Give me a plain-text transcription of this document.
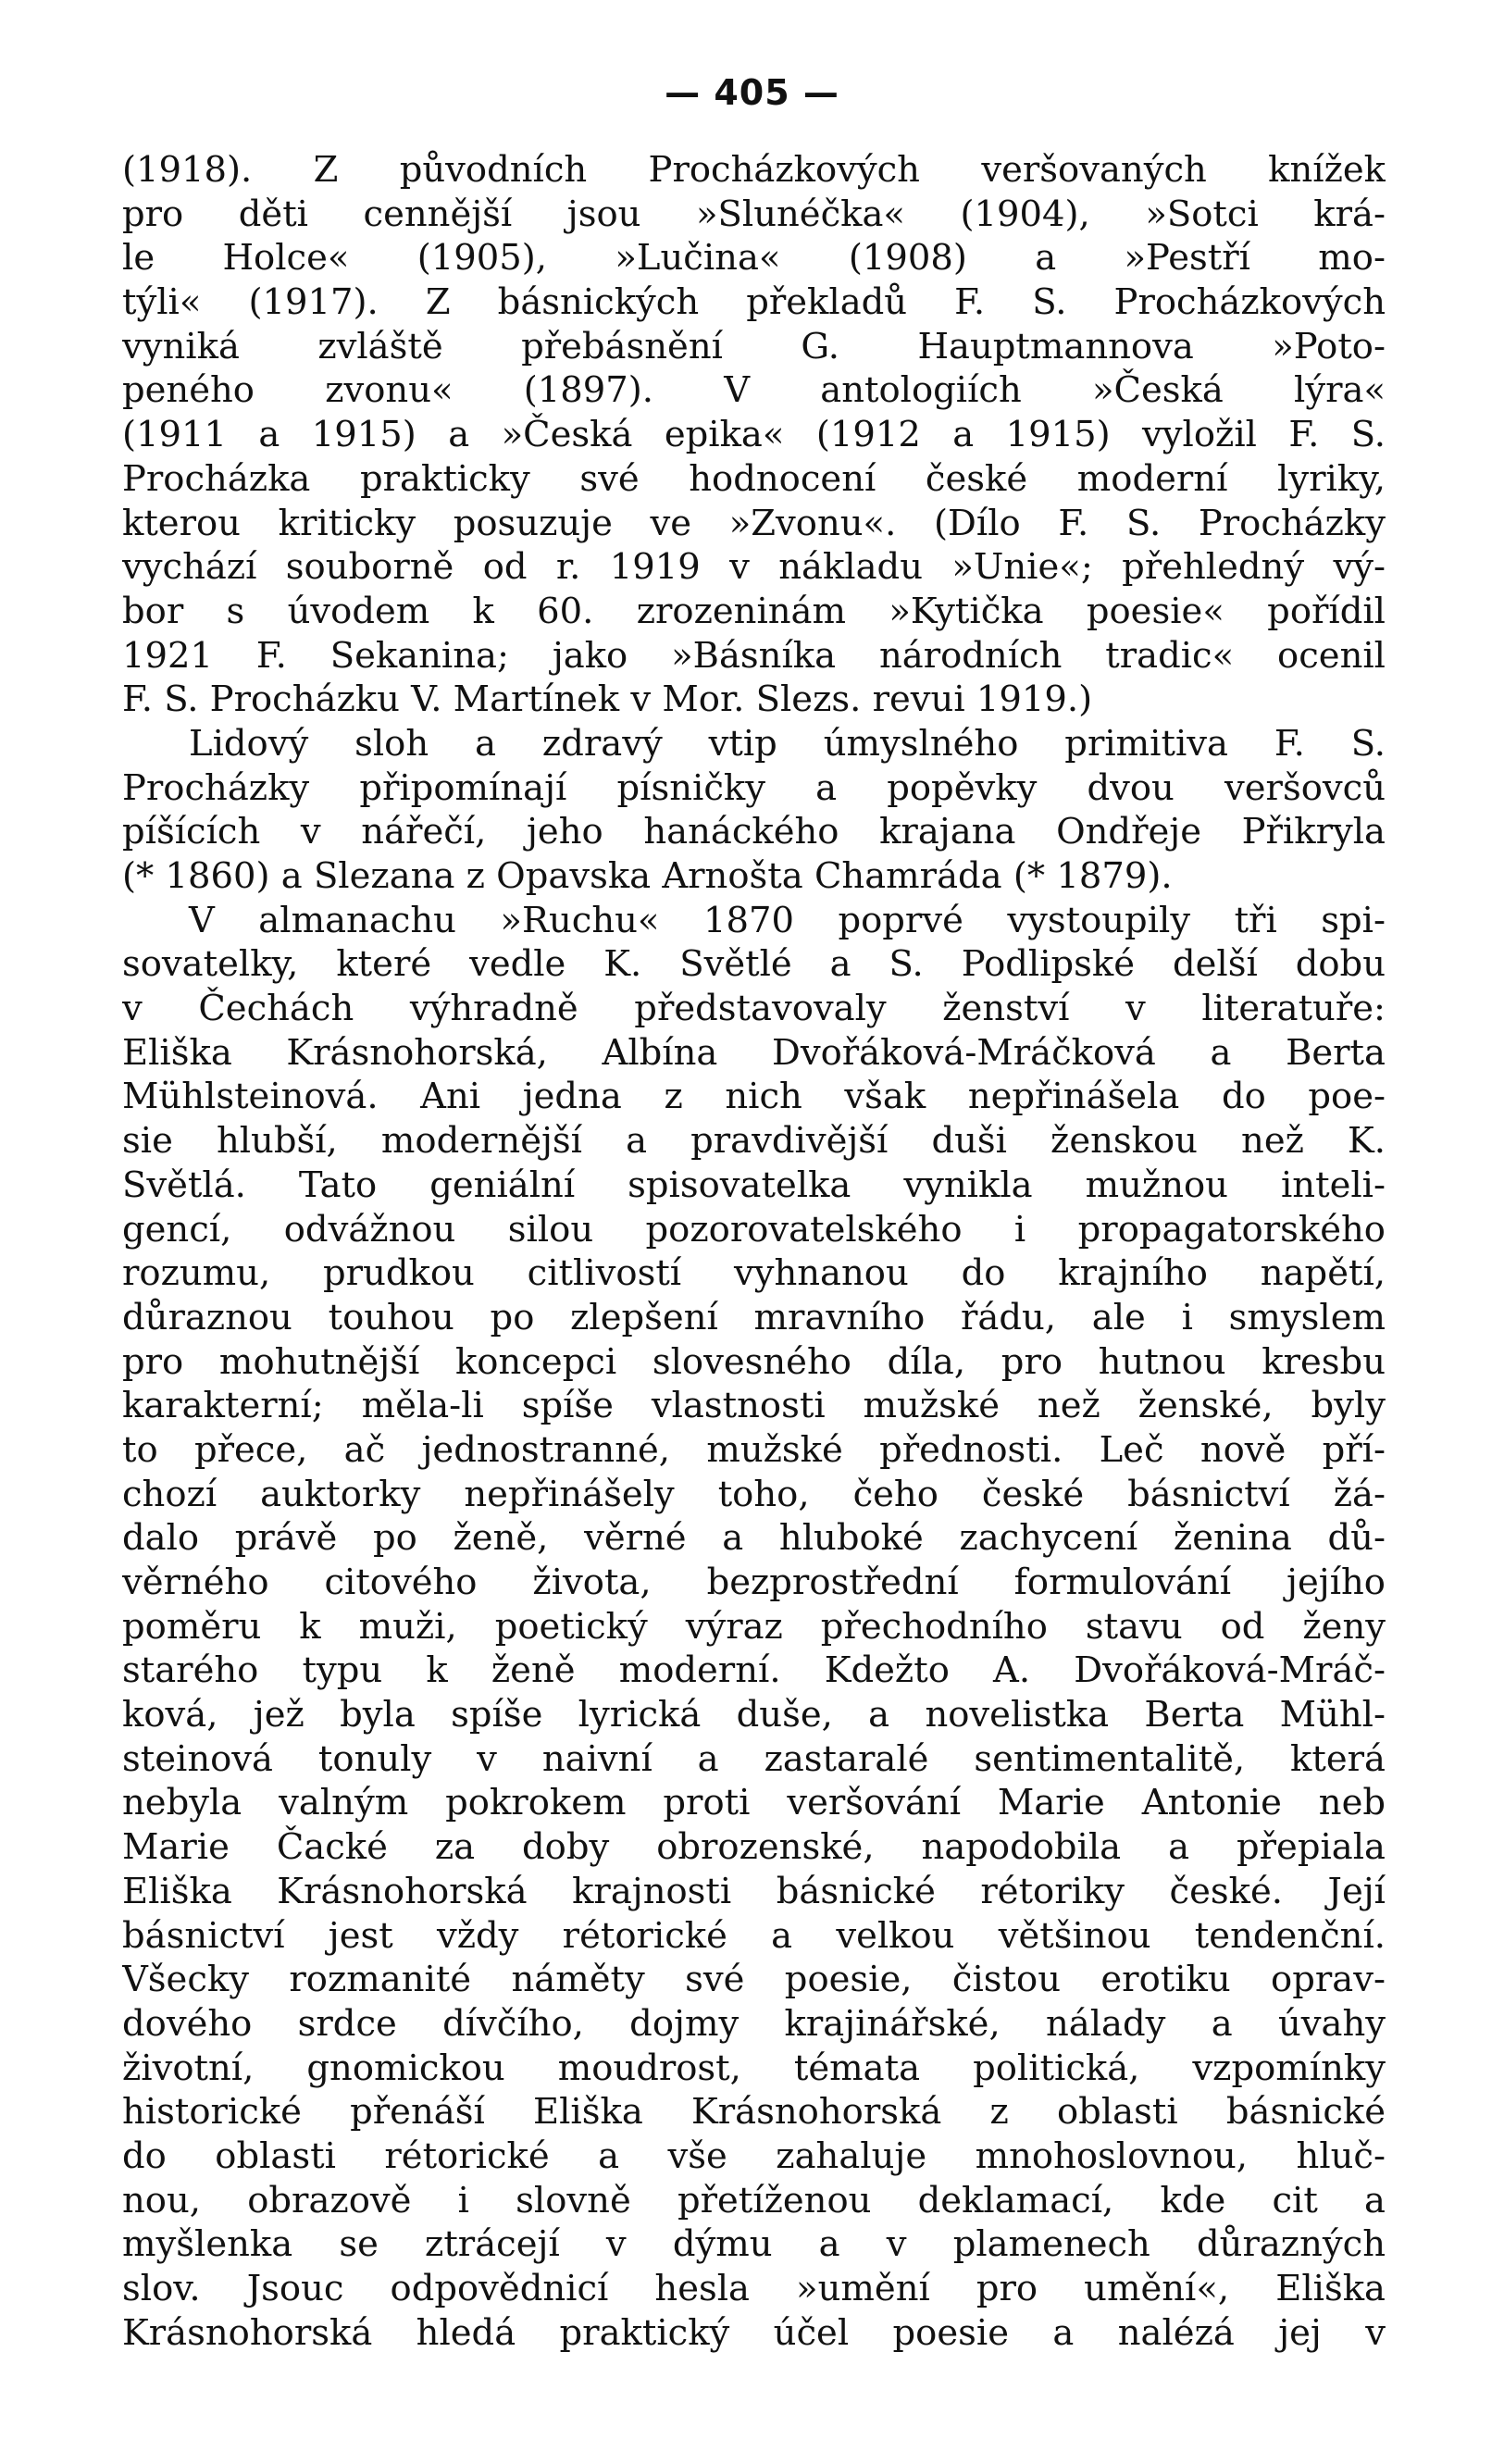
— 405 —
(1918). Z původních Procházkových veršovaných knížek
pro děti cennější jsou »Slunéčka« (1904), »Sotci krá-
le Holce« (1905), »Lučina« (1908) a »Pestří mo-
týli« (1917). Z básnických překladů F. S. Procházkových
vyniká zvláště přebásnění G. Hauptmannova »Poto-
peného zvonu« (1897). V antologiích »Česká lýra«
(1911 a 1915) a »Česká epika« (1912 a 1915) vyložil F. S.
Procházka prakticky své hodnocení české moderní lyriky,
kterou kriticky posuzuje ve »Zvonu«. (Dílo F. S. Procházky
vychází souborně od r. 1919 v nákladu »Unie«; přehledný vý-
bor s úvodem k 60. zrozeninám »Kytička poesie« pořídil
1921 F. Sekanina; jako »Básníka národních tradic« ocenil
F. S. Procházku V. Martínek v Mor. Slezs. revui 1919.)
Lidový sloh a zdravý vtip úmyslného primitiva F. S.
Procházky připomínají písničky a popěvky dvou veršovců
píšících v nářečí, jeho hanáckého krajana Ondřeje Přikryla
(* 1860) a Slezana z Opavska Arnošta Chamráda (* 1879).
V almanachu »Ruchu« 1870 poprvé vystoupily tři spi-
sovatelky, které vedle K. Světlé a S. Podlipské delší dobu
v Čechách výhradně představovaly ženství v literatuře:
Eliška Krásnohorská, Albína Dvořáková-Mráčková a Berta
Mühlsteinová. Ani jedna z nich však nepřinášela do poe-
sie hlubší, modernější a pravdivější duši ženskou než K.
Světlá. Tato geniální spisovatelka vynikla mužnou inteli-
gencí, odvážnou silou pozorovatelského i propagatorského
rozumu, prudkou citlivostí vyhnanou do krajního napětí,
důraznou touhou po zlepšení mravního řádu, ale i smyslem
pro mohutnější koncepci slovesného díla, pro hutnou kresbu
karakterní; měla-li spíše vlastnosti mužské než ženské, byly
to přece, ač jednostranné, mužské přednosti. Leč nově pří-
chozí auktorky nepřinášely toho, čeho české básnictví žá-
dalo právě po ženě, věrné a hluboké zachycení ženina dů-
věrného citového života, bezprostřední formulování jejího
poměru k muži, poetický výraz přechodního stavu od ženy
starého typu k ženě moderní. Kdežto A. Dvořáková-Mráč-
ková, jež byla spíše lyrická duše, a novelistka Berta Mühl-
steinová tonuly v naivní a zastaralé sentimentalitě, která
nebyla valným pokrokem proti veršování Marie Antonie neb
Marie Čacké za doby obrozenské, napodobila a přepiala
Eliška Krásnohorská krajnosti básnické rétoriky české. Její
básnictví jest vždy rétorické a velkou většinou tendenční.
Všecky rozmanité náměty své poesie, čistou erotiku oprav-
dového srdce dívčího, dojmy krajinářské, nálady a úvahy
životní, gnomickou moudrost, témata politická, vzpomínky
historické přenáší Eliška Krásnohorská z oblasti básnické
do oblasti rétorické a vše zahaluje mnohoslovnou, hluč-
nou, obrazově i slovně přetíženou deklamací, kde cit a
myšlenka se ztrácejí v dýmu a v plamenech důrazných
slov. Jsouc odpovědnicí hesla »umění pro umění«, Eliška
Krásnohorská hledá praktický účel poesie a nalézá jej v
